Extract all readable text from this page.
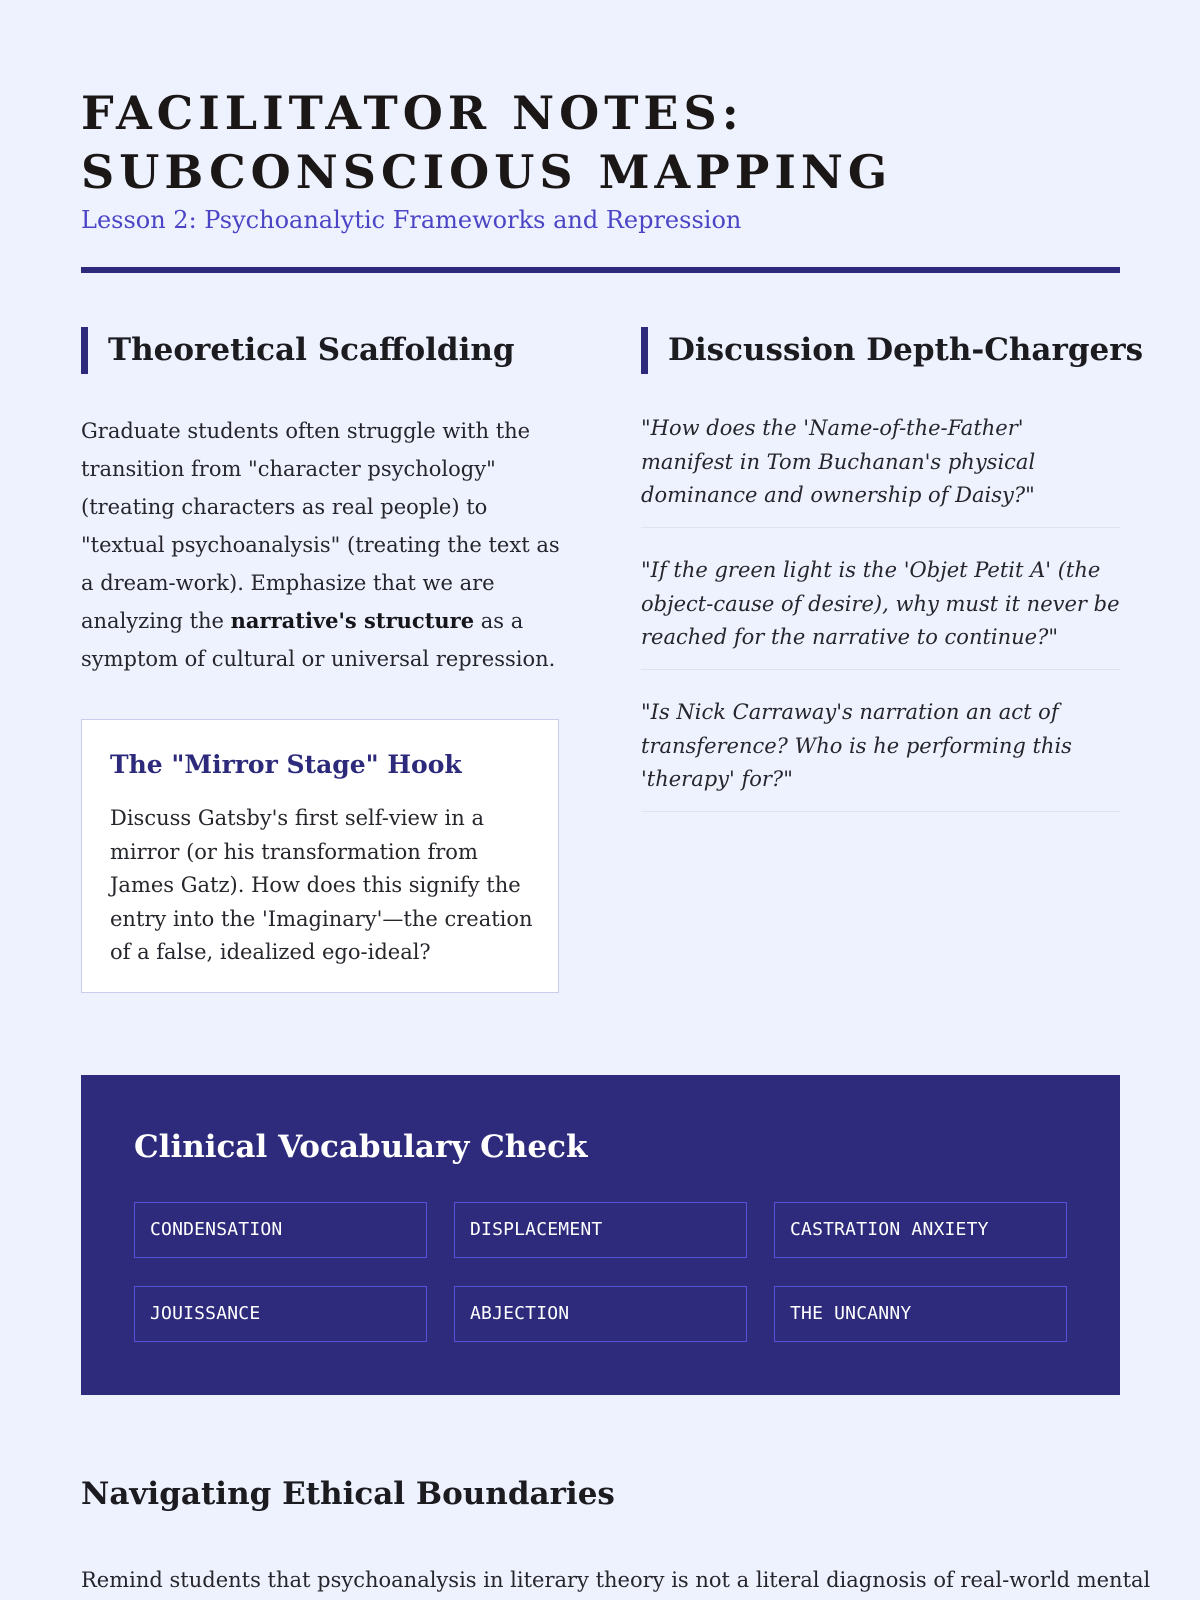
FACILITATOR NOTES:
SUBCONSCIOUS MAPPING
Lesson 2: Psychoanalytic Frameworks and Repression
Theoretical Scaffolding

Graduate students often struggle with the transition from "character psychology" (treating characters as real people) to "textual psychoanalysis" (treating the text as a dream-work). Emphasize that we are analyzing the narrative's structure as a symptom of cultural or universal repression.

The "Mirror Stage" Hook

Discuss Gatsby's first self-view in a mirror (or his transformation from James Gatz). How does this signify the entry into the 'Imaginary'—the creation of a false, idealized ego-ideal?

Discussion Depth-Chargers

"How does the 'Name-of-the-Father' manifest in Tom Buchanan's physical dominance and ownership of Daisy?"

"If the green light is the 'Objet Petit A' (the object-cause of desire), why must it never be reached for the narrative to continue?"

"Is Nick Carraway's narration an act of transference? Who is he performing this 'therapy' for?"

Clinical Vocabulary Check
CONDENSATION	DISPLACEMENT	CASTRATION ANXIETY
JOUISSANCE	ABJECTION	THE UNCANNY
Navigating Ethical Boundaries

Remind students that psychoanalysis in literary theory is not a literal diagnosis of real-world mental
